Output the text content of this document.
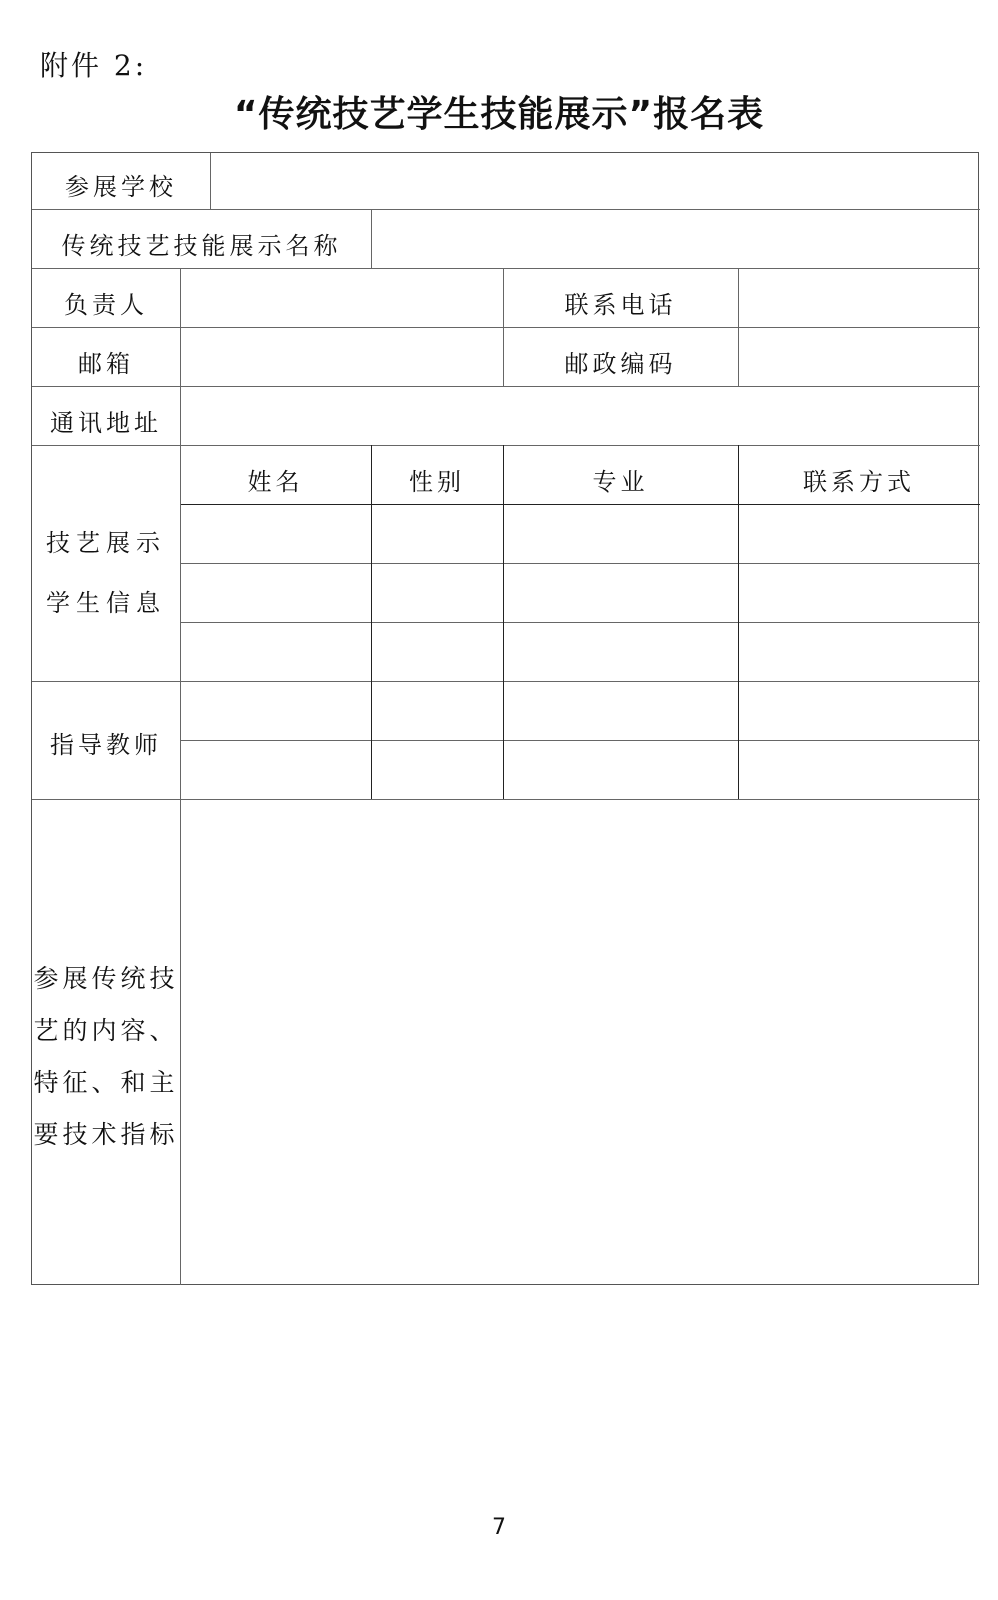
附件 2:
“传统技艺学生技能展示”报名表
参展学校
传统技艺技能展示名称
负责人	联系电话
邮箱	邮政编码
通讯地址
技艺展示
学生信息
姓名	性别	专业	联系方式
指导教师
参展传统技
艺的内容、
特征、和主
要技术指标
7
